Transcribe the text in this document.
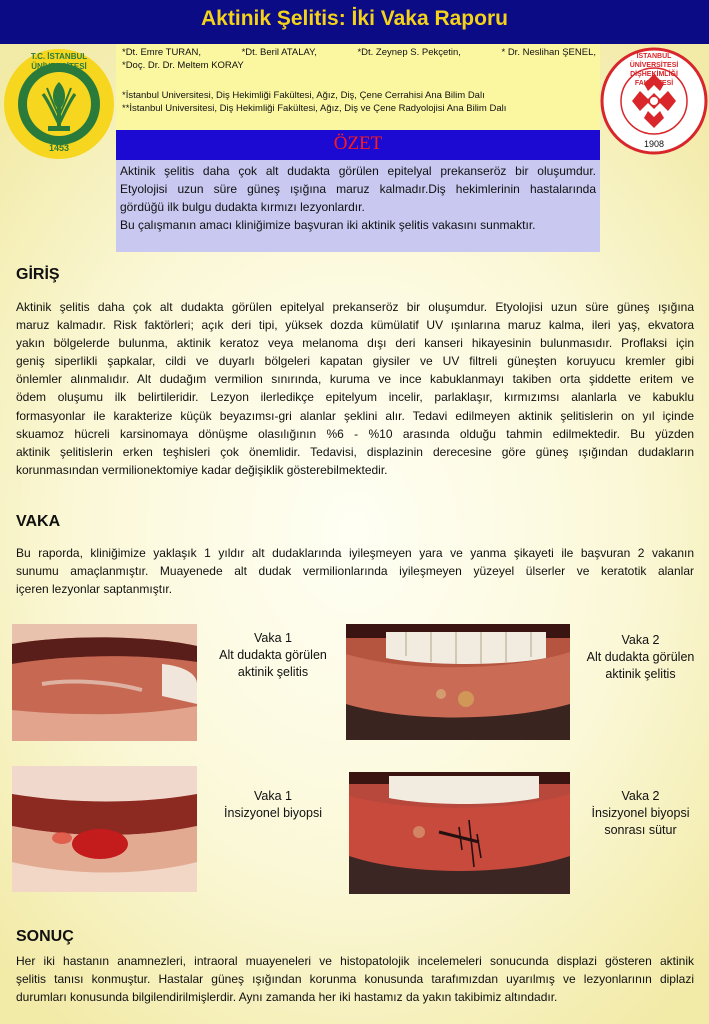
Aktinik Şelitis: İki Vaka Raporu
T.C. İSTANBUL ÜNİVERSİTESİ
1453
*Dt. Emre TURAN,	*Dt. Beril ATALAY,	*Dt. Zeynep S. Pekçetin,	* Dr. Neslihan ŞENEL,
*Doç. Dr. Dr. Meltem KORAY
*İstanbul Universitesi, Diş Hekimliği Fakültesi, Ağız, Diş, Çene Cerrahisi Ana Bilim Dalı
**İstanbul Universitesi, Diş Hekimliği Fakültesi, Ağız, Diş ve Çene Radyolojisi Ana Bilim Dalı
İSTANBUL ÜNİVERSİTESİ DİŞHEKİMLİĞİ FAKÜLTESİ
1908
ÖZET
Aktinik şelitis daha çok alt dudakta görülen epitelyal prekanseröz bir oluşumdur.
Etyolojisi uzun süre güneş ışığına maruz kalmadır.Diş hekimlerinin hastalarında
gördüğü ilk bulgu dudakta kırmızı lezyonlardır.
Bu çalışmanın amacı kliniğimize başvuran iki aktinik şelitis vakasını sunmaktır.
GİRİŞ
Aktinik şelitis daha çok alt dudakta görülen epitelyal prekanseröz bir oluşumdur. Etyolojisi uzun süre güneş ışığına
maruz kalmadır. Risk faktörleri; açık deri tipi, yüksek dozda kümülatif UV ışınlarına maruz kalma, ileri yaş, ekvatora
yakın bölgelerde bulunma, aktinik keratoz veya melanoma dışı deri kanseri hikayesinin bulunmasıdır. Proflaksi için
geniş siperlikli şapkalar, cildi ve duyarlı bölgeleri kapatan giysiler ve UV filtreli güneşten koruyucu kremler gibi
önlemler alınmalıdır. Alt dudağım vermilion sınırında, kuruma ve ince kabuklanmayı takiben orta şiddette eritem ve
ödem oluşumu ilk belirtileridir. Lezyon ilerledikçe epitelyum incelir, parlaklaşır, kırmızımsı alanlarla ve kabuklu
formasyonlar ile karakterize küçük beyazımsı-gri alanlar şeklini alır. Tedavi edilmeyen aktinik şelitislerin on yıl içinde
skuamoz hücreli karsinomaya dönüşme olasılığının %6 - %10 arasında olduğu tahmin edilmektedir. Bu yüzden
aktinik şelitislerin erken teşhisleri çok önemlidir. Tedavisi, displazinin derecesine göre güneş ışığından dudakların
korunmasından vermilionektomiye kadar değişiklik gösterebilmektedir.
VAKA
Bu raporda, kliniğimize yaklaşık 1 yıldır alt dudaklarında iyileşmeyen yara ve yanma şikayeti ile başvuran 2 vakanın
sunumu amaçlanmıştır. Muayenede alt dudak vermilionlarında iyileşmeyen yüzeyel ülserler ve keratotik alanlar
içeren lezyonlar saptanmıştır.
Vaka 1
Alt dudakta görülen
aktinik şelitis
Vaka 2
Alt dudakta görülen
aktinik şelitis
Vaka 1
İnsizyonel biyopsi
Vaka 2
İnsizyonel biyopsi
sonrası sütur
SONUÇ
Her iki hastanın anamnezleri, intraoral muayeneleri ve histopatolojik incelemeleri sonucunda displazi gösteren aktinik
şelitis tanısı konmuştur. Hastalar güneş ışığından korunma konusunda tarafımızdan uyarılmış ve lezyonlarının diplazi
durumları konusunda bilgilendirilmişlerdir. Aynı zamanda her iki hastamız da yakın takibimiz altındadır.
